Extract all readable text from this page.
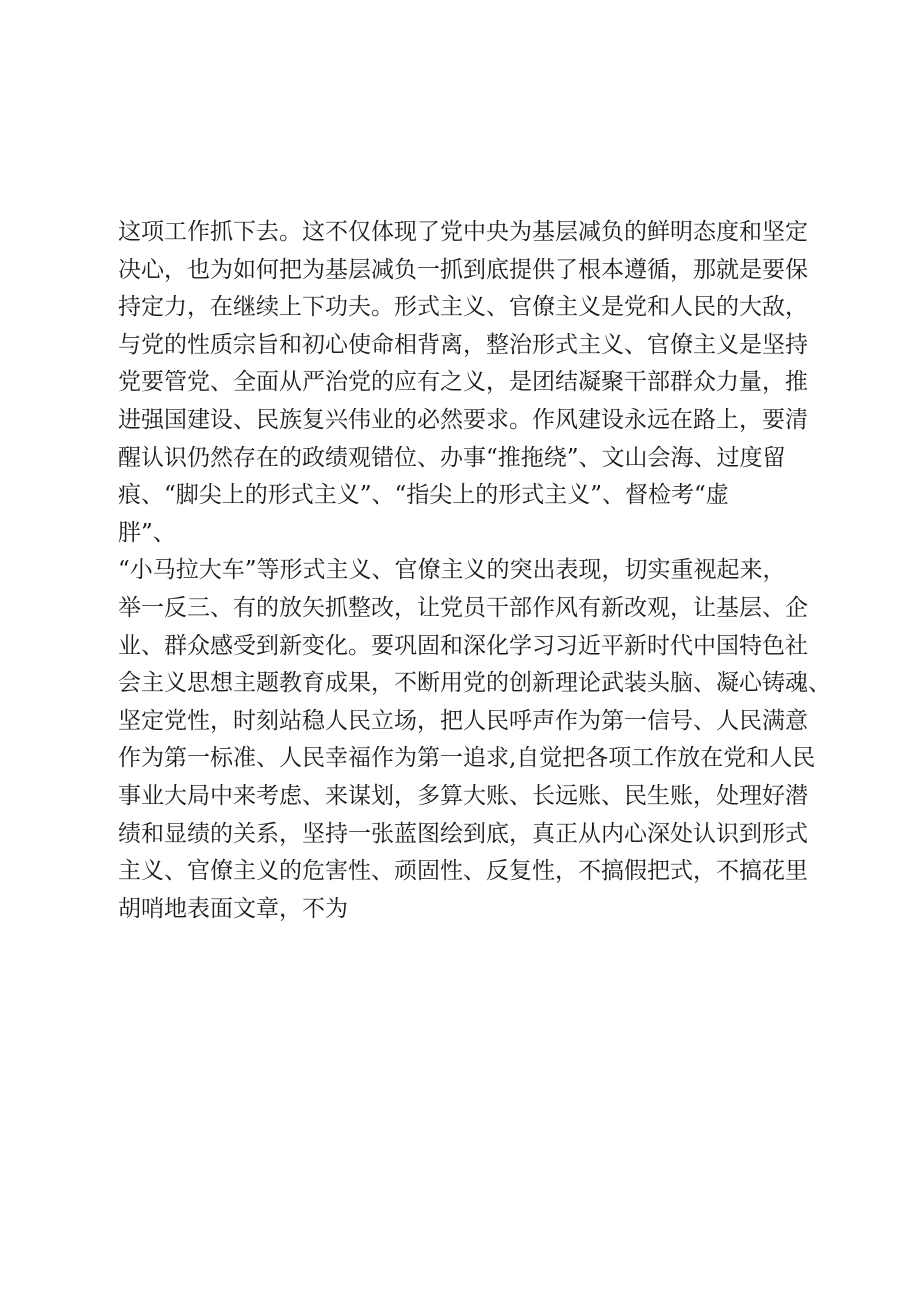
这项工作抓下去。这不仅体现了党中央为基层减负的鲜明态度和坚定
决心，也为如何把为基层减负一抓到底提供了根本遵循，那就是要保
持定力，在继续上下功夫。形式主义、官僚主义是党和人民的大敌，
与党的性质宗旨和初心使命相背离，整治形式主义、官僚主义是坚持
党要管党、全面从严治党的应有之义，是团结凝聚干部群众力量，推
进强国建设、民族复兴伟业的必然要求。作风建设永远在路上，要清
醒认识仍然存在的政绩观错位、办事“推拖绕”、文山会海、过度留
痕、“脚尖上的形式主义”、“指尖上的形式主义”、督检考“虚
胖”、
“小马拉大车”等形式主义、官僚主义的突出表现，切实重视起来，
举一反三、有的放矢抓整改，让党员干部作风有新改观，让基层、企
业、群众感受到新变化。要巩固和深化学习习近平新时代中国特色社
会主义思想主题教育成果，不断用党的创新理论武装头脑、凝心铸魂、
坚定党性，时刻站稳人民立场，把人民呼声作为第一信号、人民满意
作为第一标准、人民幸福作为第一追求,自觉把各项工作放在党和人民
事业大局中来考虑、来谋划，多算大账、长远账、民生账，处理好潜
绩和显绩的关系，坚持一张蓝图绘到底，真正从内心深处认识到形式
主义、官僚主义的危害性、顽固性、反复性，不搞假把式，不搞花里
胡哨地表面文章，不为
